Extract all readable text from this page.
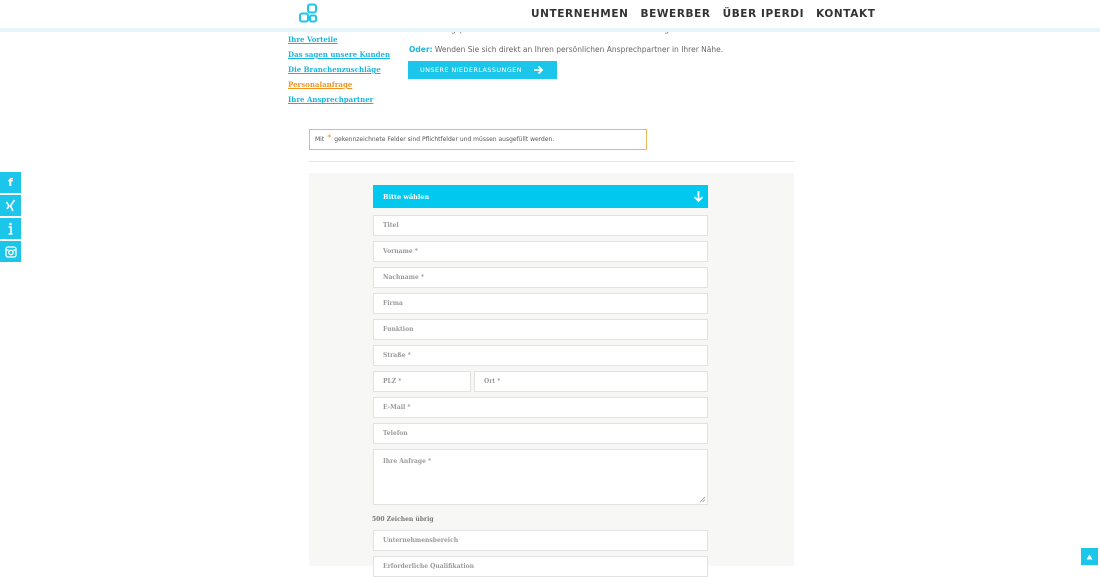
UNTERNEHMEN BEWERBER ÜBER IPERDI KONTAKT
Oder: Wenden Sie sich direkt an Ihren persönlichen Ansprechpartner in Ihrer Nähe.
UNSERE NIEDERLASSUNGEN
Ihre Vorteile
Das sagen unsere Kunden
Die Branchenzuschläge
Personalanfrage
Ihre Ansprechpartner
Mit * gekennzeichnete Felder sind Pflichtfelder und müssen ausgefüllt werden.
Bitte wählen
Titel
Vorname *
Nachname *
Firma
Funktion
Straße *
PLZ *	Ort *
E-Mail *
Telefon
Ihre Anfrage *
500 Zeichen übrig
Unternehmensbereich
Erforderliche Qualifikation
f
